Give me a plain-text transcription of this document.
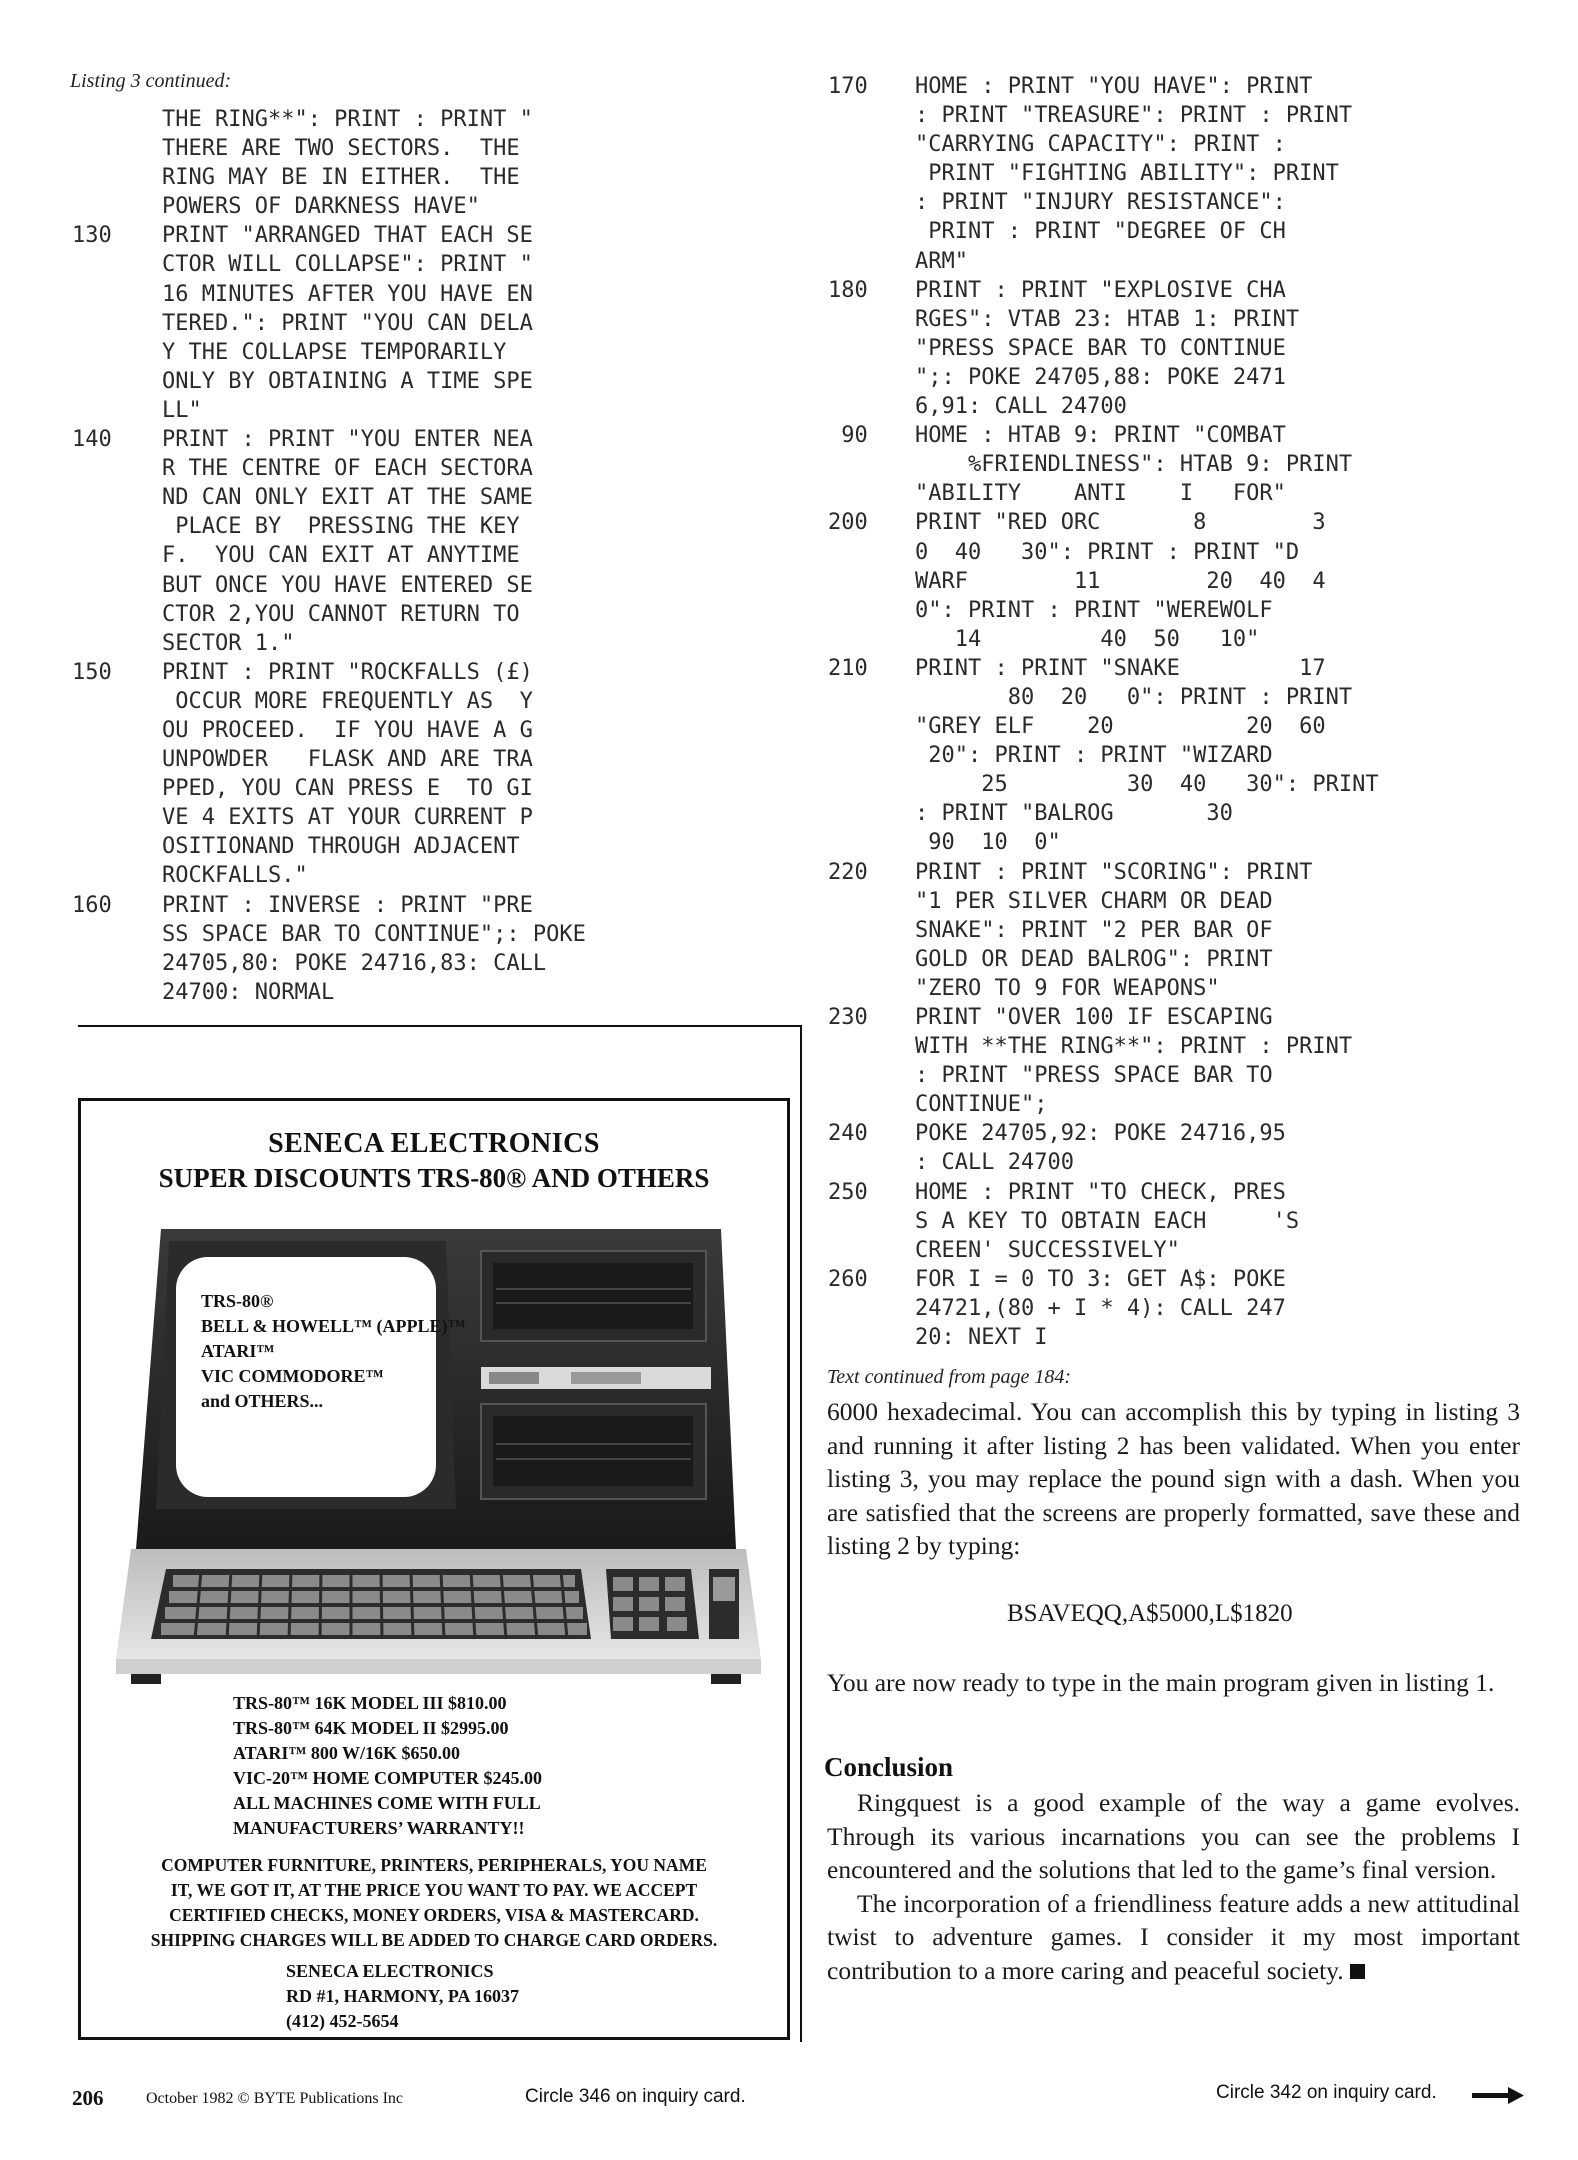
Listing 3 continued:
THE RING**": PRINT : PRINT "
THERE ARE TWO SECTORS.  THE
RING MAY BE IN EITHER.  THE
POWERS OF DARKNESS HAVE"
130	PRINT "ARRANGED THAT EACH SE
CTOR WILL COLLAPSE": PRINT "
16 MINUTES AFTER YOU HAVE EN
TERED.": PRINT "YOU CAN DELA
Y THE COLLAPSE TEMPORARILY
ONLY BY OBTAINING A TIME SPE
LL"
140	PRINT : PRINT "YOU ENTER NEA
R THE CENTRE OF EACH SECTORA
ND CAN ONLY EXIT AT THE SAME
PLACE BY  PRESSING THE KEY
F.  YOU CAN EXIT AT ANYTIME
BUT ONCE YOU HAVE ENTERED SE
CTOR 2,YOU CANNOT RETURN TO
SECTOR 1."
150	PRINT : PRINT "ROCKFALLS (£)
OCCUR MORE FREQUENTLY AS  Y
OU PROCEED.  IF YOU HAVE A G
UNPOWDER   FLASK AND ARE TRA
PPED, YOU CAN PRESS E  TO GI
VE 4 EXITS AT YOUR CURRENT P
OSITIONAND THROUGH ADJACENT
ROCKFALLS."
160	PRINT : INVERSE : PRINT "PRE
SS SPACE BAR TO CONTINUE";: POKE
24705,80: POKE 24716,83: CALL
24700: NORMAL
170	HOME : PRINT "YOU HAVE": PRINT
: PRINT "TREASURE": PRINT : PRINT
"CARRYING CAPACITY": PRINT :
PRINT "FIGHTING ABILITY": PRINT
: PRINT "INJURY RESISTANCE":
PRINT : PRINT "DEGREE OF CH
ARM"
180	PRINT : PRINT "EXPLOSIVE CHA
RGES": VTAB 23: HTAB 1: PRINT
"PRESS SPACE BAR TO CONTINUE
";: POKE 24705,88: POKE 2471
6,91: CALL 24700
90	HOME : HTAB 9: PRINT "COMBAT
%FRIENDLINESS": HTAB 9: PRINT
"ABILITY    ANTI    I   FOR"
200	PRINT "RED ORC       8        3
0  40   30": PRINT : PRINT "D
WARF        11        20  40  4
0": PRINT : PRINT "WEREWOLF
14         40  50   10"
210	PRINT : PRINT "SNAKE         17
80  20   0": PRINT : PRINT
"GREY ELF    20          20  60
20": PRINT : PRINT "WIZARD
25         30  40   30": PRINT
: PRINT "BALROG       30
90  10  0"
220	PRINT : PRINT "SCORING": PRINT
"1 PER SILVER CHARM OR DEAD
SNAKE": PRINT "2 PER BAR OF
GOLD OR DEAD BALROG": PRINT
"ZERO TO 9 FOR WEAPONS"
230	PRINT "OVER 100 IF ESCAPING
WITH **THE RING**": PRINT : PRINT
: PRINT "PRESS SPACE BAR TO
CONTINUE";
240	POKE 24705,92: POKE 24716,95
: CALL 24700
250	HOME : PRINT "TO CHECK, PRES
S A KEY TO OBTAIN EACH     'S
CREEN' SUCCESSIVELY"
260	FOR I = 0 TO 3: GET A$: POKE
24721,(80 + I * 4): CALL 247
20: NEXT I
Text continued from page 184:

6000 hexadecimal. You can accomplish this by typing in listing 3 and running it after listing 2 has been validated. When you enter listing 3, you may replace the pound sign with a dash. When you are satisfied that the screens are properly formatted, save these and listing 2 by typing:

BSAVEQQ,A$5000,L$1820

You are now ready to type in the main program given in listing 1.

Conclusion

Ringquest is a good example of the way a game evolves. Through its various incarnations you can see the problems I encountered and the solutions that led to the game’s final version.

The incorporation of a friendliness feature adds a new attitudinal twist to adventure games. I consider it my most important contribution to a more caring and peaceful society.

SENECA ELECTRONICS
SUPER DISCOUNTS TRS-80® AND OTHERS
TRS-80®
BELL & HOWELL™ (APPLE)™
ATARI™
VIC COMMODORE™
and OTHERS...
TRS-80™ 16K MODEL III $810.00
TRS-80™ 64K MODEL II $2995.00
ATARI™ 800 W/16K $650.00
VIC-20™ HOME COMPUTER $245.00
ALL MACHINES COME WITH FULL
MANUFACTURERS’ WARRANTY!!
COMPUTER FURNITURE, PRINTERS, PERIPHERALS, YOU NAME
IT, WE GOT IT, AT THE PRICE YOU WANT TO PAY. WE ACCEPT
CERTIFIED CHECKS, MONEY ORDERS, VISA & MASTERCARD.
SHIPPING CHARGES WILL BE ADDED TO CHARGE CARD ORDERS.
SENECA ELECTRONICS
RD #1, HARMONY, PA 16037
(412) 452-5654
206	October 1982 © BYTE Publications Inc	Circle 346 on inquiry card.	Circle 342 on inquiry card.
